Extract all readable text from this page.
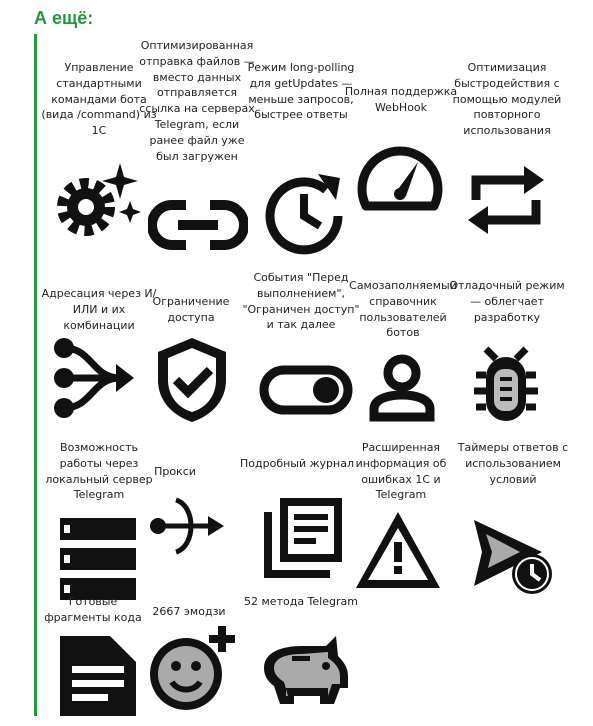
А ещё:
Управление стандартными командами бота (вида /command) из 1С
Оптимизированная отправка файлов — вместо данных отправляется ссылка на серверах Telegram, если ранее файл уже был загружен
Режим long-polling для getUpdates — меньше запросов, быстрее ответы
Полная поддержка WebHook
Оптимизация быстродействия с помощью модулей повторного использования
Адресация через И/ИЛИ и их комбинации
Ограничение доступа
События "Перед выполнением", "Ограничен доступ" и так далее
Самозаполняемый справочник пользователей ботов
Отладочный режим — облегчает разработку
Возможность работы через локальный сервер Telegram
Прокси
Подробный журнал
Расширенная информация об ошибках 1С и Telegram
Таймеры ответов с использованием условий
Готовые фрагменты кода 2667 эмодзи
52 метода Telegram
